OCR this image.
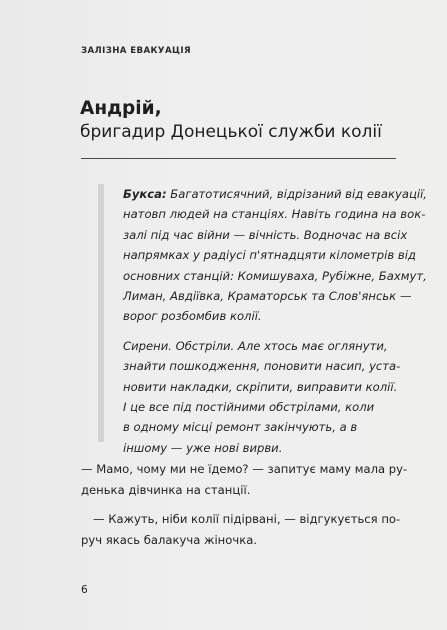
ЗАЛІЗНА ЕВАКУАЦІЯ
Андрій,
бригадир Донецької служби колії

Букса: Багатотисячний, відрізаний від евакуації,
натовп людей на станціях. Навіть година на вок-
залі під час війни — вічність. Водночас на всіх
напрямках у радіусі п'ятнадцяти кілометрів від
основних станцій: Комишуваха, Рубіжне, Бахмут,
Лиман, Авдіївка, Краматорськ та Слов'янськ —
ворог розбомбив колії.

Сирени. Обстріли. Але хтось має оглянути,
знайти пошкодження, поновити насип, уста-
новити накладки, скріпити, виправити колії.
І це все під постійними обстрілами, коли
в одному місці ремонт закінчують, а в
іншому — уже нові вирви.

— Мамо, чому ми не їдемо? — запитує маму мала ру-
денька дівчинка на станції.

— Кажуть, ніби колії підірвані, — відгукується по-
руч якась балакуча жіночка.

6
